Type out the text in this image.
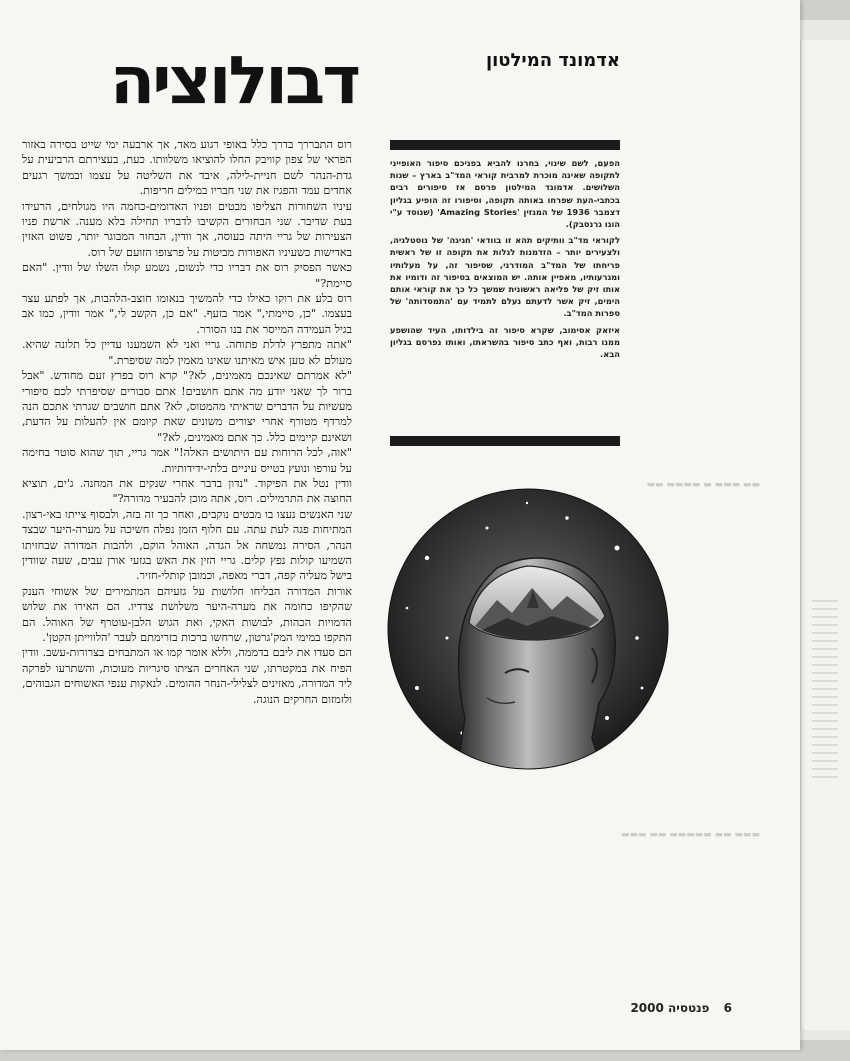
דבולוציה	אדמונד המילטון

רוס התבררך בדרך כלל באופי רגוע מאד, אך ארבעה ימי שייט בסירה באזור הפראי של צפון קוויבק החלו להוציאו משלוותו. כעת, בעצירתם הרביעית על גדת-הנהר לשם חניית-לילה, איבד את השליטה על עצמו ובמשך רגעים אחדים עמד והפגיז את שני חבריו במילים חריפות.

עיניו השחורות הצליפו מבטים ופניו האדומים-כחמה היו מגולחים, הרעידו בעת שדיבר. שני הבחורים הקשיבו לדבריו תחילה בלא מענה. ארשת פניו הצעירות של גריי היתה כעוסה, אך וודין, הבחור המבוגר יותר, פשוט האזין באדישות כשעיניו האפורות מביטות על פרצופו הזועם של רוס.

כאשר הפסיק רוס את דבריו כדי לנשום, נשמע קולו השלו של וודין. "האם סיימת?"

רוס בלע את רוקו כאילו כדי להמשיך בנאומו חוצב-הלהבות, אך לפתע עצר בעצמו. "כן, סיימתי," אמר בזעף. "אם כן, הקשב לי," אמר וודין, כמו אב בגיל העמידה המייסר את בנו הסורר.

"אתה מתפרץ לדלת פתוחה. גריי ואני לא השמענו עדיין כל תלונה שהיא. מעולם לא טען איש מאיתנו שאינו מאמין למה שסיפרת."

"לא אמרתם שאינכם מאמינים, לא?" קרא רוס בפרץ זעם מחודש. "אבל ברור לך שאני יודע מה אתם חושבים! אתם סבורים שסיפרתי לכם סיפורי מעשיות על הדברים שראיתי מהמטוס, לא? אתם חושבים שגרתי אתכם הנה למרדף מטורף אחרי יצורים משונים שאת קיומם אין להעלות על הדעת, ושאינם קיימים כלל. כך אתם מאמינים, לא?"

"אוה, לכל הרוחות עם היתושים האלה!" אמר גריי, תוך שהוא סוטר בחימה על עורפו ונועץ בטייס עיניים בלתי-ידידותיות.

וודין נטל את הפיקוד. "נדון בדבר אחרי שנקים את המחנה. ג'ים, תוציא החוצה את התרמילים. רוס, אתה מוכן להבעיר מדורה?"

שני האנשים נעצו בו מבטים נוקבים, ואחר כך זה בזה, ולבסוף צייתו באי-רצון. המתיחות פגה לעת עתה. עם חלוף הזמן נפלה חשיכה על מערה-היער שבצד הנהר, הסירה נמשחה אל הגדה, האוהל הוקם, ולהבות המדורה שבחזיתו השמיעו קולות נפץ קלים. גריי הזין את האש בגזעי אורן עבים, שעה שוודין בישל מעליה קפה, דברי מאפה, וכמובן קותלי-חזיר.

אורות המדורה הבליחו חלושות על גזעיהם המתמירים של אשוחי הענק שהקיפו כחומה את מערה-היער משלושת צדדיו. הם האירו את שלוש הדמויות הכהות, לבושות האקי, ואת הגוש הלבן-עוטרף של האוהל. הם התקפו במימי המק'גרטון, שרחשו ברכות בזרימתם לעבר 'הלווייתן הקטן'.

הם סעדו את ליבם בדממה, וללא אומר קמו או המתבחים בצרורות-עשב. וודין הפיח את במקטרתו, שני האחרים הציתו סיגריות מעוכות, והשתרעו לפרקה ליד המדורה, מאזינים לצלילי-הנחר ההומים. לנאקות ענפי האשוחים הגבוהים, ולזמזום החרקים הנוגה.

הפעם, לשם שינוי, בחרנו להביא בפניכם סיפור האופייני לתקופה שאינה מוכרת למרבית קוראי המד"ב בארץ – שנות השלושים. אדמונד המילטון פרסם אז סיפורים רבים בכתבי-העת שפרחו באותה תקופה, וסיפורו זה הופיע בגליון דצמבר 1936 של המגזין 'Amazing Stories' (שנוסד ע"י הוגו גרנסבק).

לקוראי מד"ב וותיקים תהא זו בוודאי 'חגיגה' של נוסטלגיה, ולצעירים יותר – הזדמנות לגלות את תקופה זו של ראשית פריחתו של המד"ב המודרני, שסיפור זה, על מעלותיו ומגרעותיו, מאפיין אותה. יש המוצאים בסיפור זה ודומיו את אותו זיק של פליאה ראשונית שמשך כל כך את קוראי אותם הימים, זיק אשר לדעתם נעלם לתמיד עם 'התמסדותה' של ספרות המד"ב.

איזאק אסימוב, שקרא סיפור זה בילדותו, העיד שהושפע ממנו רבות, ואף כתב סיפור בהשראתו, ואותו נפרסם בגליון הבא.

▬▬ ▬▬▬ ▬ ▬▬▬▬ ▬▬
▬▬▬ ▬▬ ▬▬▬▬▬ ▬▬ ▬▬▬
6 פנטסיה 2000
